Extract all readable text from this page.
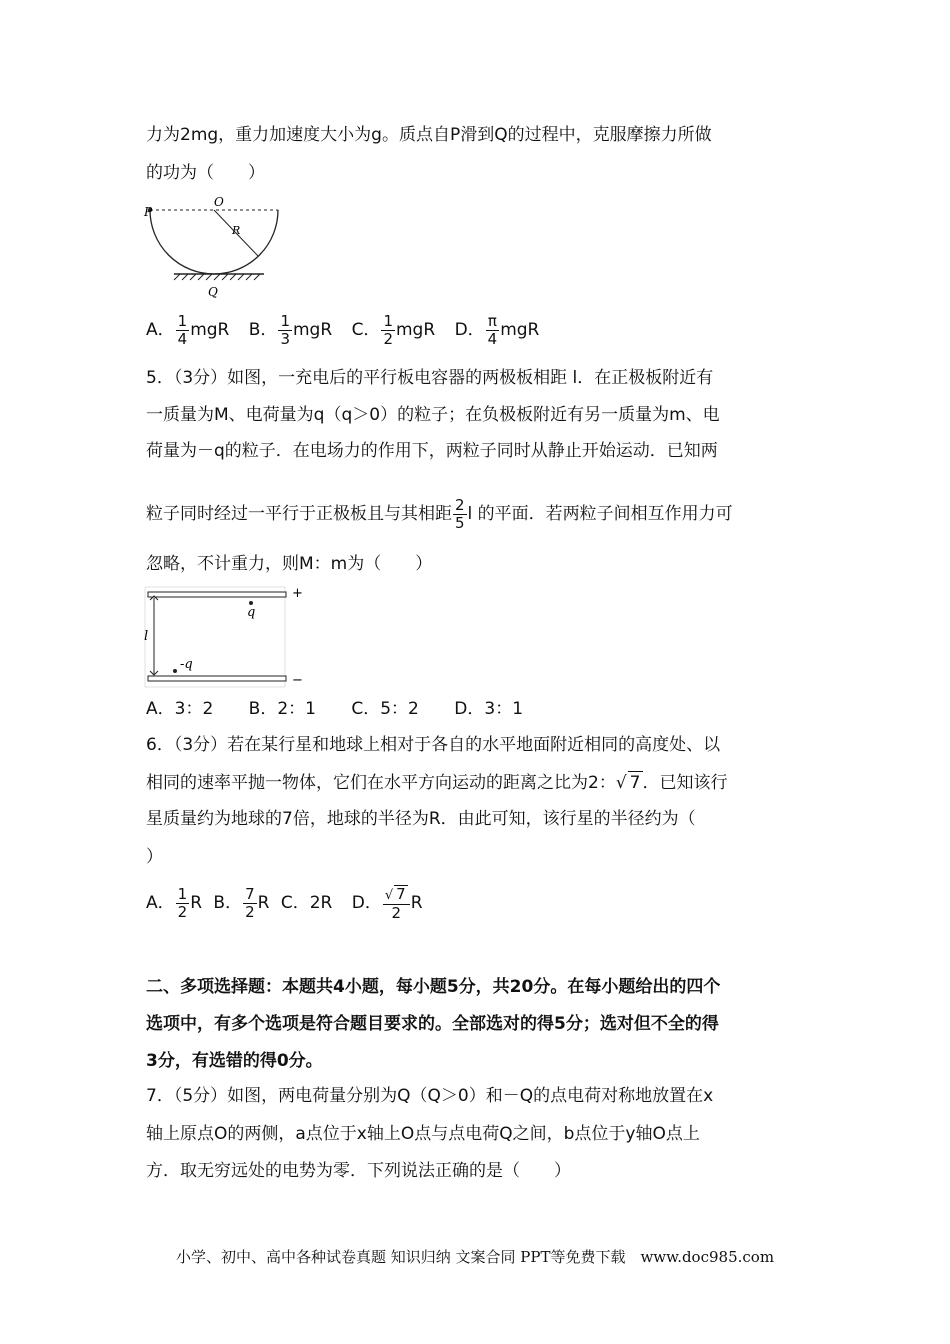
力为2mg，重力加速度大小为g。质点自P滑到Q的过程中，克服摩擦力所做
的功为（　　）
P
O
R
Q
A． $\frac{1}{4}$ mgR B． $\frac{1}{3}$ mgR C． $\frac{1}{2}$ mgR D． $\frac{\pi}{4}$ mgR
5．（3分）如图，一充电后的平行板电容器的两极板相距 l．在正极板附近有
一质量为M、电荷量为q（q＞0）的粒子；在负极板附近有另一质量为m、电
荷量为－q的粒子．在电场力的作用下，两粒子同时从静止开始运动．已知两
粒子同时经过一平行于正极板且与其相距 $\frac{2}{5}$ l 的平面．若两粒子间相互作用力可
忽略，不计重力，则M：m为（　　）
+
−
q
-q
l
A．3：2 B．2：1 C．5：2 D．3：1
6．（3分）若在某行星和地球上相对于各自的水平地面附近相同的高度处、以
相同的速率平抛一物体，它们在水平方向运动的距离之比为2：√ 7 ．已知该行
星质量约为地球的7倍，地球的半径为R．由此可知，该行星的半径约为（
）
A． $\frac{1}{2}$ R B． $\frac{7}{2}$ R C．2R D． $\frac{√ 7}{2}$ R
二、多项选择题：本题共4小题，每小题5分，共20分。在每小题给出的四个
选项中，有多个选项是符合题目要求的。全部选对的得5分；选对但不全的得
3分，有选错的得0分。
7．（5分）如图，两电荷量分别为Q（Q＞0）和－Q的点电荷对称地放置在x
轴上原点O的两侧，a点位于x轴上O点与点电荷Q之间，b点位于y轴O点上
方．取无穷远处的电势为零．下列说法正确的是（　　）
小学、初中、高中各种试卷真题 知识归纳 文案合同 PPT等免费下载　www.doc985.com
